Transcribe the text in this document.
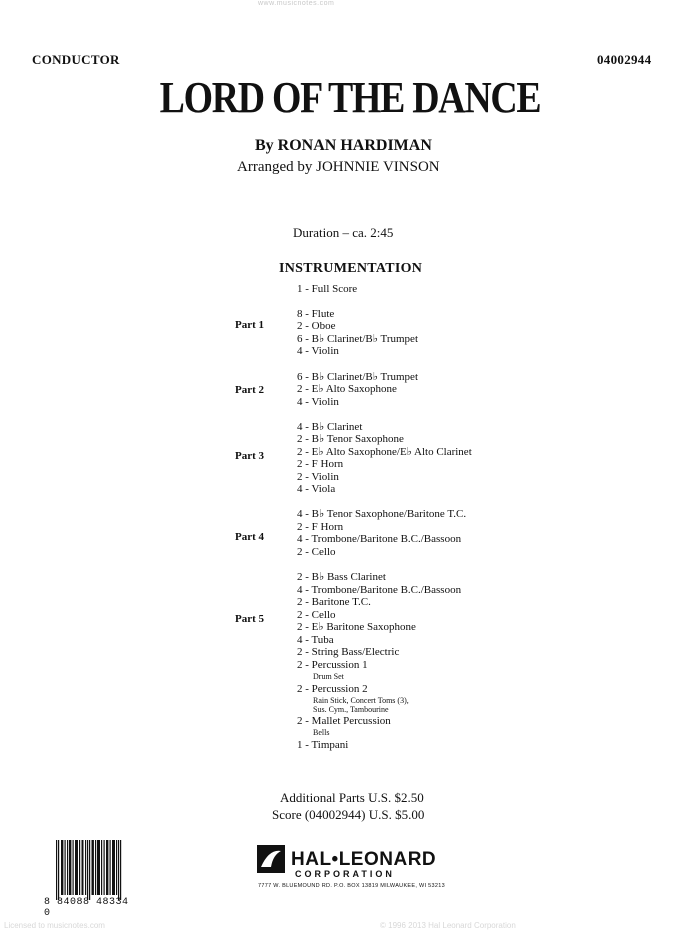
www.musicnotes.com
CONDUCTOR	04002944
LORD OF THE DANCE
By RONAN HARDIMAN
Arranged by JOHNNIE VINSON
Duration – ca. 2:45
INSTRUMENTATION
1 - Full Score
8 - Flute
2 - Oboe
6 - B♭ Clarinet/B♭ Trumpet
4 - Violin
6 - B♭ Clarinet/B♭ Trumpet
2 - E♭ Alto Saxophone
4 - Violin
4 - B♭ Clarinet
2 - B♭ Tenor Saxophone
2 - E♭ Alto Saxophone/E♭ Alto Clarinet
2 - F Horn
2 - Violin
4 - Viola
4 - B♭ Tenor Saxophone/Baritone T.C.
2 - F Horn
4 - Trombone/Baritone B.C./Bassoon
2 - Cello
2 - B♭ Bass Clarinet
4 - Trombone/Baritone B.C./Bassoon
2 - Baritone T.C.
2 - Cello
2 - E♭ Baritone Saxophone
4 - Tuba
2 - String Bass/Electric
2 - Percussion 1
Drum Set
2 - Percussion 2
Rain Stick, Concert Toms (3),
Sus. Cym., Tambourine
2 - Mallet Percussion
Bells
1 - Timpani
Part 1
Part 2
Part 3
Part 4
Part 5
Additional Parts U.S. $2.50
Score (04002944) U.S. $5.00
8 84088 48334 0
HAL•LEONARD
CORPORATION
7777 W. BLUEMOUND RD. P.O. BOX 13819 MILWAUKEE, WI 53213
Licensed to musicnotes.com	© 1996 2013 Hal Leonard Corporation
